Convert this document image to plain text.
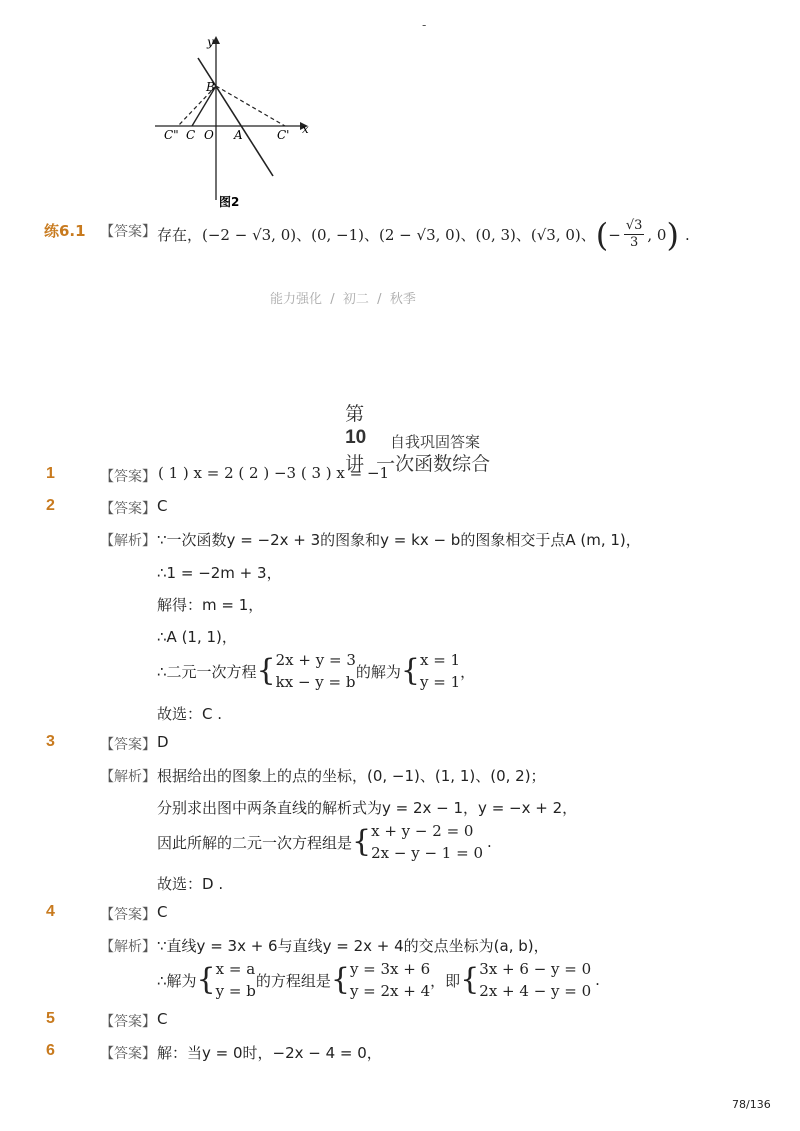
-
y
x
B
C" C O A	C'
图2
练6.1 【答案】 存在， (−2 − √3, 0)、(0, −1)、(2 − √3, 0)、(0, 3)、(√3, 0)、 ( − $\frac{√3}{3}$ , 0 ) .
能力强化  /  初二  /  秋季

第
10
讲  一次函数综合

自我巩固答案
1	【答案】 ( 1 ) x = 2 ( 2 ) −3 ( 3 ) x = −1
2	【答案】 C
【解析】 ∵一次函数y = −2x + 3的图象和y = kx − b的图象相交于点A (m, 1)，
∴1 = −2m + 3，
解得：m = 1，
∴A (1, 1)，
∴二元一次方程 { 2x + y = 3
kx − y = b
的解为 { x = 1
y = 1
，
故选：C .
3	【答案】 D
【解析】 根据给出的图象上的点的坐标，(0, −1)、(1, 1)、(0, 2)；
分别求出图中两条直线的解析式为y = 2x − 1，y = −x + 2，
因此所解的二元一次方程组是 { x + y − 2 = 0
2x − y − 1 = 0
.
故选：D .
4	【答案】 C
【解析】 ∵直线y = 3x + 6与直线y = 2x + 4的交点坐标为(a, b)，
∴解为 { x = a
y = b
的方程组是 { y = 3x + 6
y = 2x + 4
，即 { 3x + 6 − y = 0
2x + 4 − y = 0
.
5	【答案】 C
6	【答案】 解：当y = 0时，−2x − 4 = 0，
78/136
